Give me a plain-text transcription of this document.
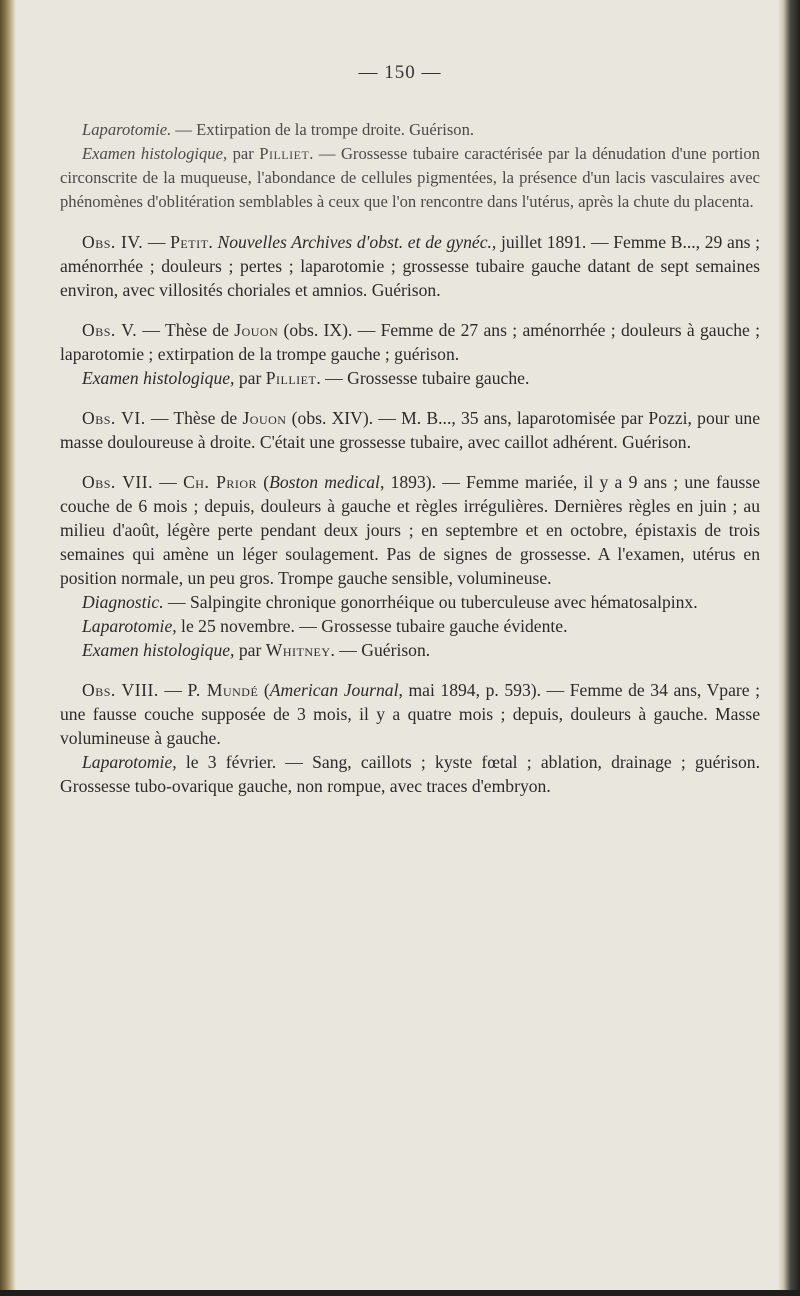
— 150 —

Laparotomie. — Extirpation de la trompe droite. Guérison.

Examen histologique, par Pilliet. — Grossesse tubaire caractérisée par la dénudation d'une portion circonscrite de la muqueuse, l'abondance de cellules pigmentées, la présence d'un lacis vasculaires avec phénomènes d'oblitération semblables à ceux que l'on rencontre dans l'utérus, après la chute du placenta.

Obs. IV. — Petit. Nouvelles Archives d'obst. et de gynéc., juillet 1891. — Femme B..., 29 ans ; aménorrhée ; douleurs ; pertes ; laparotomie ; grossesse tubaire gauche datant de sept semaines environ, avec villosités choriales et amnios. Guérison.

Obs. V. — Thèse de Jouon (obs. IX). — Femme de 27 ans ; aménorrhée ; douleurs à gauche ; laparotomie ; extirpation de la trompe gauche ; guérison.

Examen histologique, par Pilliet. — Grossesse tubaire gauche.

Obs. VI. — Thèse de Jouon (obs. XIV). — M. B..., 35 ans, laparotomisée par Pozzi, pour une masse douloureuse à droite. C'était une grossesse tubaire, avec caillot adhérent. Guérison.

Obs. VII. — Ch. Prior (Boston medical, 1893). — Femme mariée, il y a 9 ans ; une fausse couche de 6 mois ; depuis, douleurs à gauche et règles irrégulières. Dernières règles en juin ; au milieu d'août, légère perte pendant deux jours ; en septembre et en octobre, épistaxis de trois semaines qui amène un léger soulagement. Pas de signes de grossesse. A l'examen, utérus en position normale, un peu gros. Trompe gauche sensible, volumineuse.

Diagnostic. — Salpingite chronique gonorrhéique ou tuberculeuse avec hématosalpinx.

Laparotomie, le 25 novembre. — Grossesse tubaire gauche évidente.

Examen histologique, par Whitney. — Guérison.

Obs. VIII. — P. Mundé (American Journal, mai 1894, p. 593). — Femme de 34 ans, Vpare ; une fausse couche supposée de 3 mois, il y a quatre mois ; depuis, douleurs à gauche. Masse volumineuse à gauche.

Laparotomie, le 3 février. — Sang, caillots ; kyste fœtal ; ablation, drainage ; guérison. Grossesse tubo-ovarique gauche, non rompue, avec traces d'embryon.
